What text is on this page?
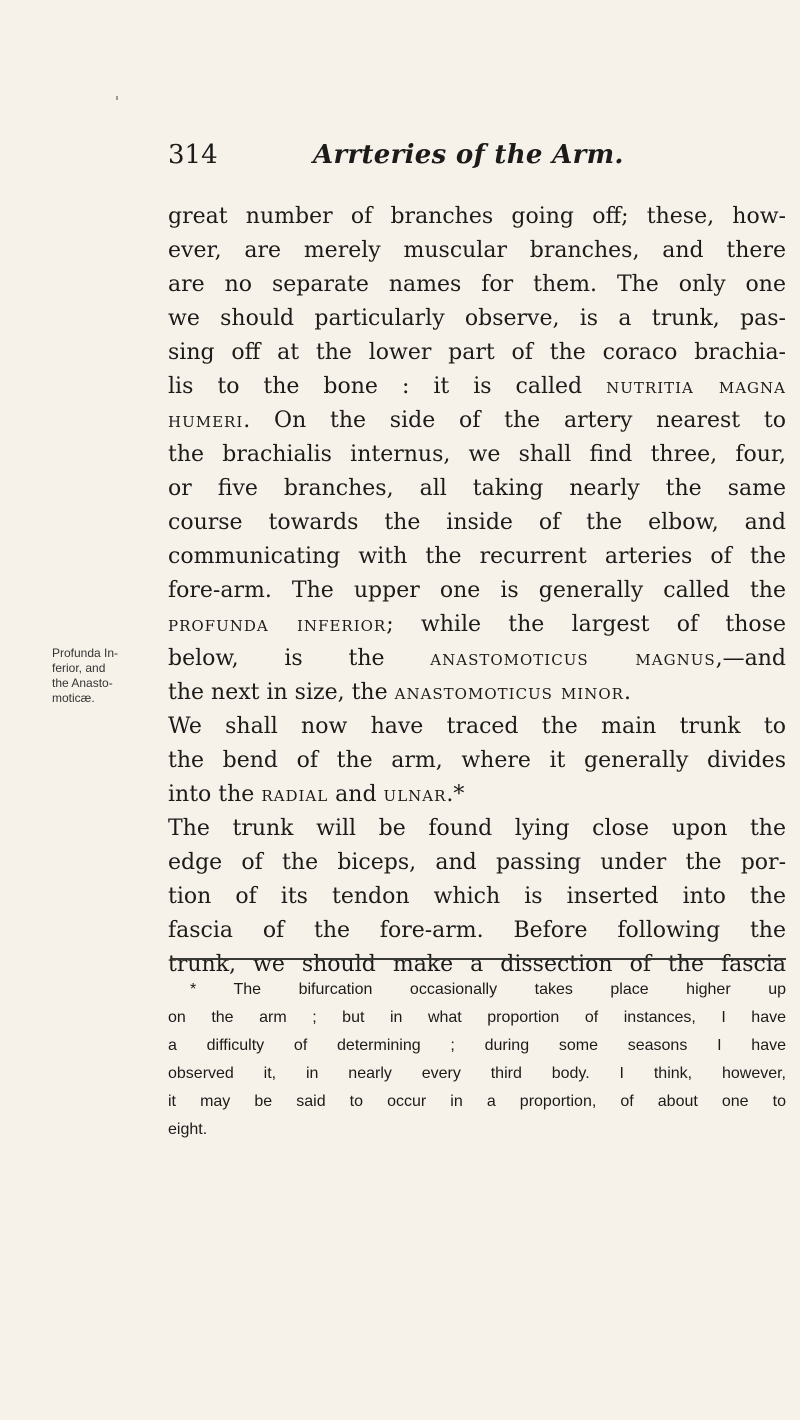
314	Arrteries of the Arm.
Profunda In-
ferior, and
the Anasto-
moticæ.
great number of branches going off; these, how-
ever, are merely muscular branches, and there
are no separate names for them. The only one
we should particularly observe, is a trunk, pas-
sing off at the lower part of the coraco brachia-
lis to the bone : it is called nutritia magna
humeri. On the side of the artery nearest to
the brachialis internus, we shall find three, four,
or five branches, all taking nearly the same
course towards the inside of the elbow, and
communicating with the recurrent arteries of the
fore-arm. The upper one is generally called the
profunda inferior; while the largest of those
below, is the anastomoticus magnus,—and
the next in size, the anastomoticus minor.
We shall now have traced the main trunk to
the bend of the arm, where it generally divides
into the radial and ulnar.*
The trunk will be found lying close upon the
edge of the biceps, and passing under the por-
tion of its tendon which is inserted into the
fascia of the fore-arm. Before following the
trunk, we should make a dissection of the fascia
* The bifurcation occasionally takes place higher up
on the arm ; but in what proportion of instances, I have
a difficulty of determining ; during some seasons I have
observed it, in nearly every third body. I think, however,
it may be said to occur in a proportion, of about one to
eight.
